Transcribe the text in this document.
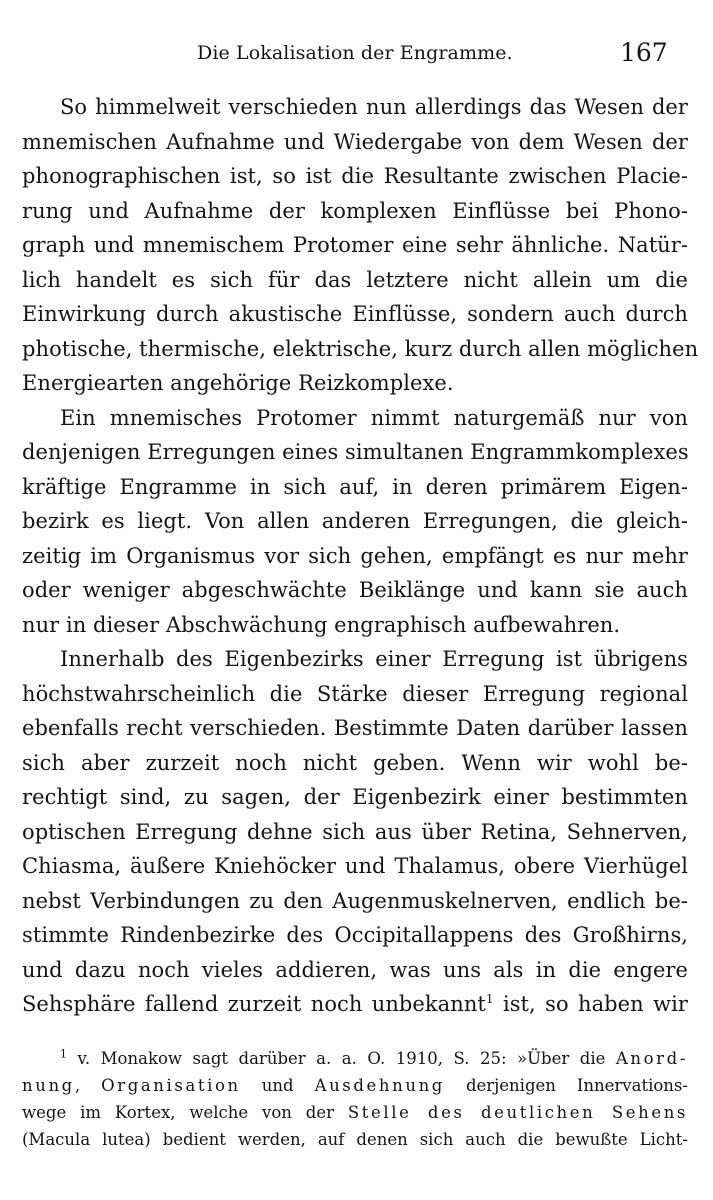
Die Lokalisation der Engramme.	167
So himmelweit verschieden nun allerdings das Wesen der
mnemischen Aufnahme und Wiedergabe von dem Wesen der
phonographischen ist, so ist die Resultante zwischen Placie-
rung und Aufnahme der komplexen Einflüsse bei Phono-
graph und mnemischem Protomer eine sehr ähnliche. Natür-
lich handelt es sich für das letztere nicht allein um die
Einwirkung durch akustische Einflüsse, sondern auch durch
photische, thermische, elektrische, kurz durch allen möglichen
Energiearten angehörige Reizkomplexe.
Ein mnemisches Protomer nimmt naturgemäß nur von
denjenigen Erregungen eines simultanen Engrammkomplexes
kräftige Engramme in sich auf, in deren primärem Eigen-
bezirk es liegt. Von allen anderen Erregungen, die gleich-
zeitig im Organismus vor sich gehen, empfängt es nur mehr
oder weniger abgeschwächte Beiklänge und kann sie auch
nur in dieser Abschwächung engraphisch aufbewahren.
Innerhalb des Eigenbezirks einer Erregung ist übrigens
höchstwahrscheinlich die Stärke dieser Erregung regional
ebenfalls recht verschieden. Bestimmte Daten darüber lassen
sich aber zurzeit noch nicht geben. Wenn wir wohl be-
rechtigt sind, zu sagen, der Eigenbezirk einer bestimmten
optischen Erregung dehne sich aus über Retina, Sehnerven,
Chiasma, äußere Kniehöcker und Thalamus, obere Vierhügel
nebst Verbindungen zu den Augenmuskelnerven, endlich be-
stimmte Rindenbezirke des Occipitallappens des Großhirns,
und dazu noch vieles addieren, was uns als in die engere
Sehsphäre fallend zurzeit noch unbekannt$^1$ ist, so haben wir
$^1$ v. Monakow sagt darüber a. a. O. 1910, S. 25: »Über die Anord-
nung, Organisation und Ausdehnung derjenigen Innervations-
wege im Kortex, welche von der Stelle des deutlichen Sehens
(Macula lutea) bedient werden, auf denen sich auch die bewußte Licht-
